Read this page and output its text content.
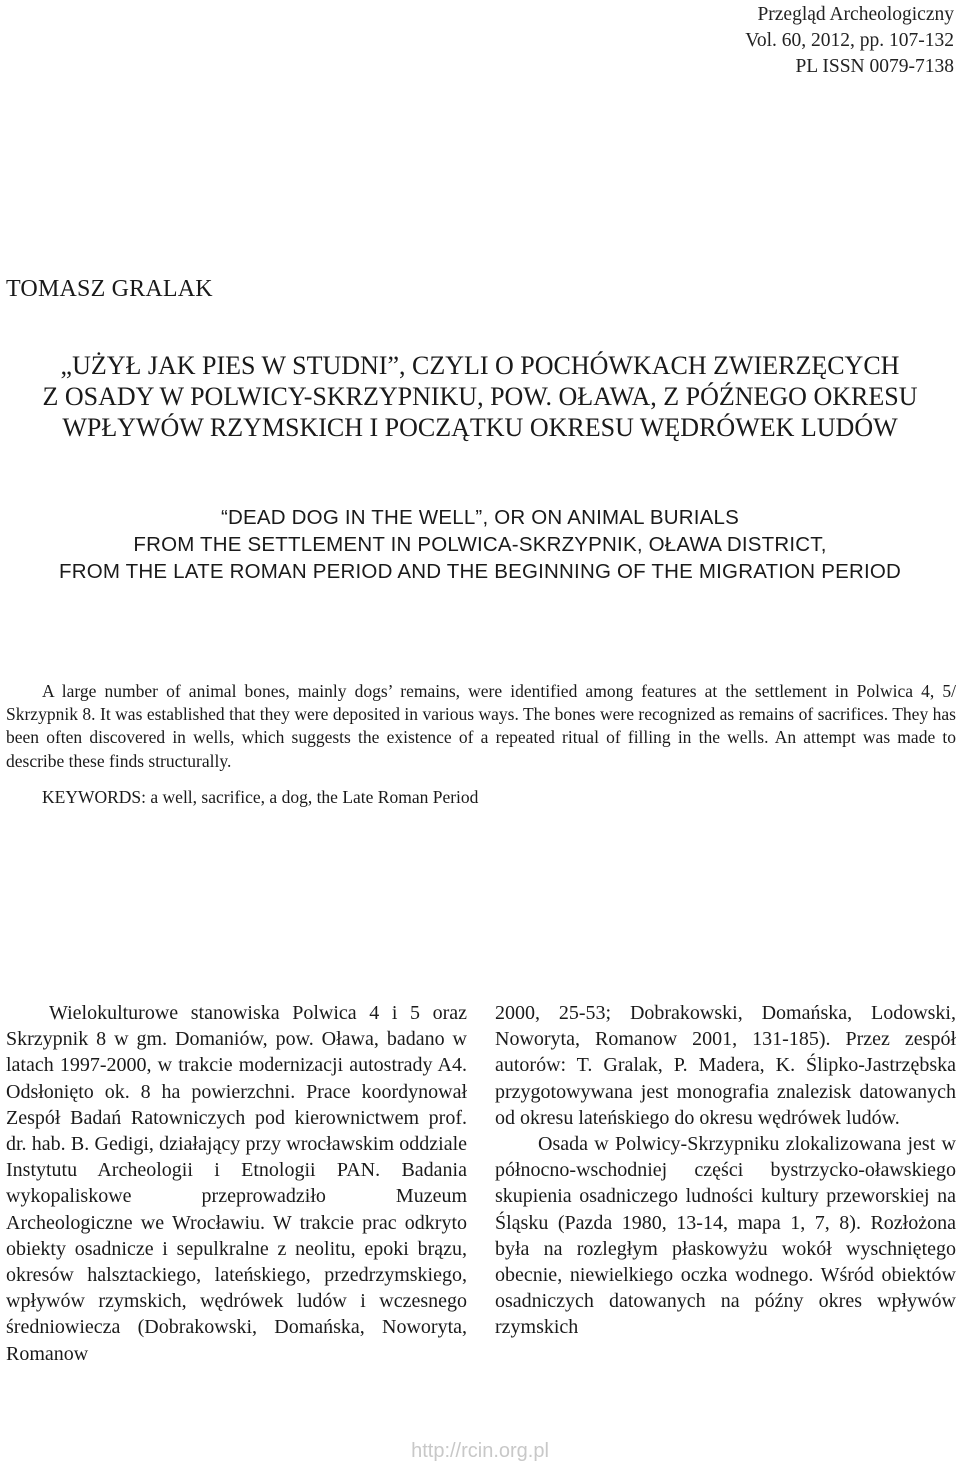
Przegląd Archeologiczny
Vol. 60, 2012, pp. 107-132
PL ISSN 0079-7138
TOMASZ GRALAK
„UŻYŁ JAK PIES W STUDNI”, CZYLI O POCHÓWKACH ZWIERZĘCYCH
Z OSADY W POLWICY-SKRZYPNIKU, POW. OŁAWA, Z PÓŹNEGO OKRESU
WPŁYWÓW RZYMSKICH I POCZĄTKU OKRESU WĘDRÓWEK LUDÓW
“DEAD DOG IN THE WELL”, OR ON ANIMAL BURIALS
FROM THE SETTLEMENT IN POLWICA-SKRZYPNIK, OŁAWA DISTRICT,
FROM THE LATE ROMAN PERIOD AND THE BEGINNING OF THE MIGRATION PERIOD
A large number of animal bones, mainly dogs’ remains, were identified among features at the settlement in Polwica 4, 5/ Skrzypnik 8. It was established that they were deposited in various ways. The bones were recognized as remains of sacrifices. They has been often discovered in wells, which suggests the existence of a repeated ritual of filling in the wells. An attempt was made to describe these finds structurally.
KEYWORDS: a well, sacrifice, a dog, the Late Roman Period

Wielokulturowe stanowiska Polwica 4 i 5 oraz Skrzypnik 8 w gm. Domaniów, pow. Oława, badano w latach 1997-2000, w trakcie modernizacji autostrady A4. Odsłonięto ok. 8 ha powierzchni. Prace koordynował Zespół Badań Ratowniczych pod kierownictwem prof. dr. hab. B. Gedigi, działający przy wrocławskim oddziale Instytutu Archeologii i Etnologii PAN. Badania wykopaliskowe przeprowadziło Muzeum Archeologiczne we Wrocławiu. W trakcie prac odkryto obiekty osadnicze i sepulkralne z neolitu, epoki brązu, okresów halsztackiego, lateńskiego, przedrzymskiego, wpływów rzymskich, wędrówek ludów i wczesnego średniowiecza (Dobrakowski, Domańska, Noworyta, Romanow

2000, 25-53; Dobrakowski, Domańska, Lodowski, Noworyta, Romanow 2001, 131-185). Przez zespół autorów: T. Gralak, P. Madera, K. Ślipko-Jastrzębska przygotowywana jest monografia znalezisk datowanych od okresu lateńskiego do okresu wędrówek ludów.

Osada w Polwicy-Skrzypniku zlokalizowana jest w północno-wschodniej części bystrzycko-oławskiego skupienia osadniczego ludności kultury przeworskiej na Śląsku (Pazda 1980, 13-14, mapa 1, 7, 8). Rozłożona była na rozległym płaskowyżu wokół wyschniętego obecnie, niewielkiego oczka wodnego. Wśród obiektów osadniczych datowanych na późny okres wpływów rzymskich

http://rcin.org.pl
